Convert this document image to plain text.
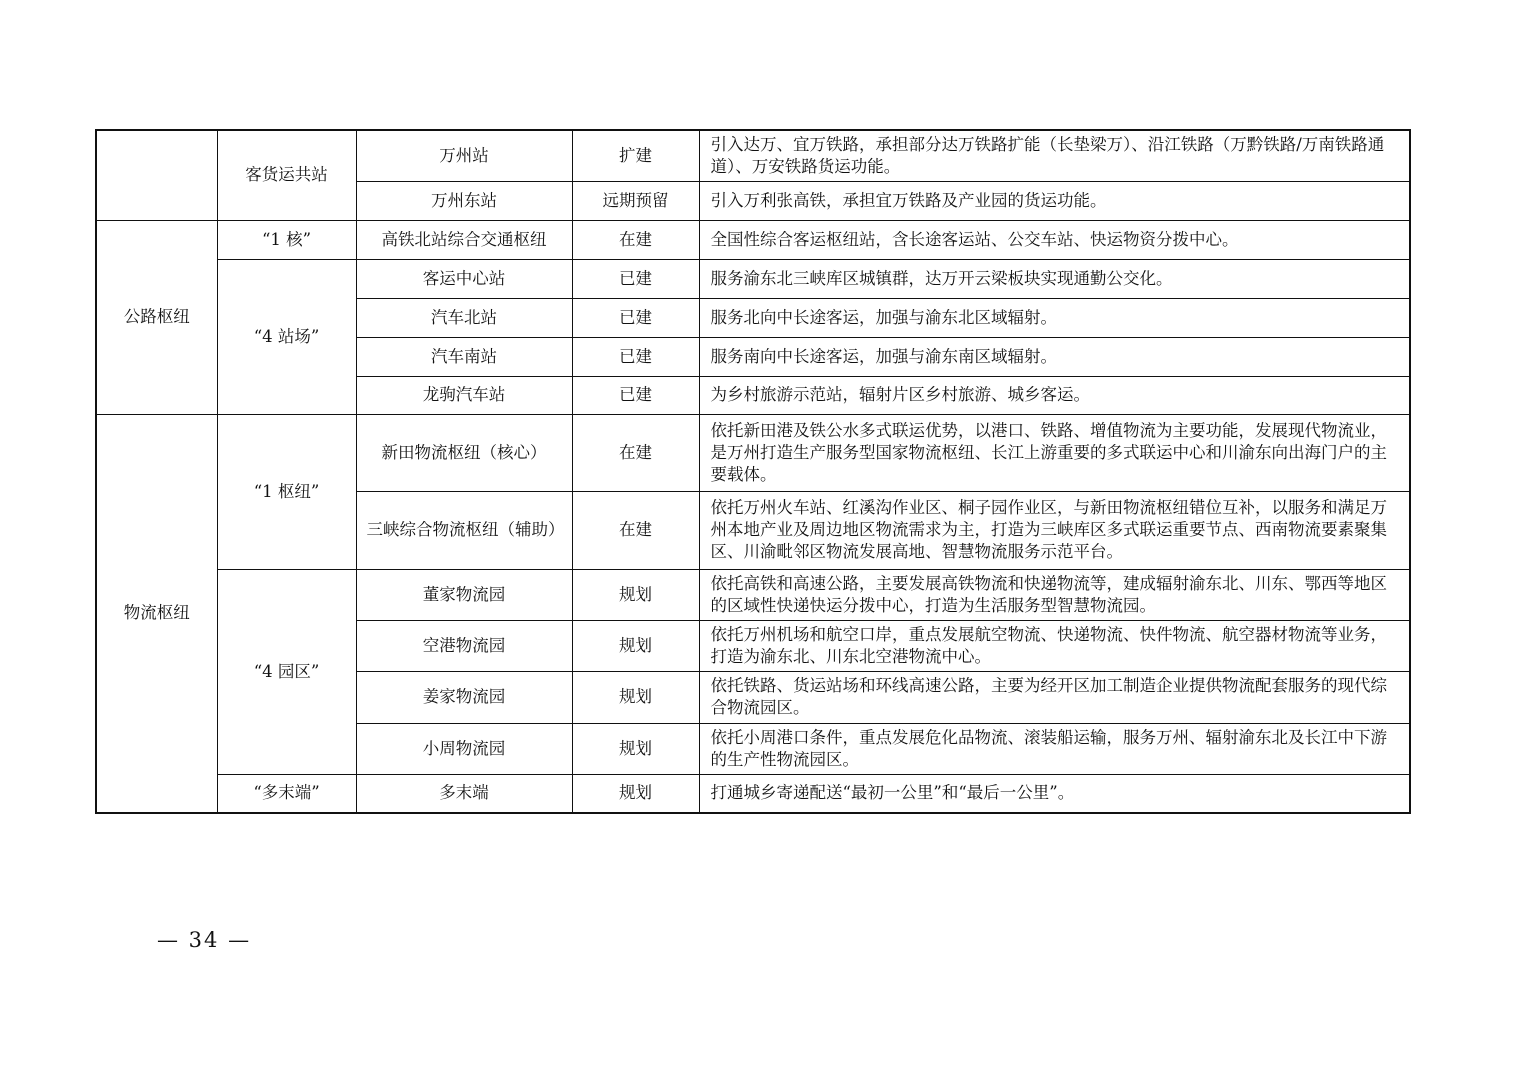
	客货运共站	万州站	扩建	引入达万、宜万铁路，承担部分达万铁路扩能（长垫梁万）、沿江铁路（万黔铁路/万南铁路通道）、万安铁路货运功能。
		万州东站	远期预留	引入万利张高铁，承担宜万铁路及产业园的货运功能。
公路枢纽	“1 核”	高铁北站综合交通枢纽	在建	全国性综合客运枢纽站，含长途客运站、公交车站、快运物资分拨中心。
	“4 站场”	客运中心站	已建	服务渝东北三峡库区城镇群，达万开云梁板块实现通勤公交化。
		汽车北站	已建	服务北向中长途客运，加强与渝东北区域辐射。
		汽车南站	已建	服务南向中长途客运，加强与渝东南区域辐射。
		龙驹汽车站	已建	为乡村旅游示范站，辐射片区乡村旅游、城乡客运。
物流枢纽	“1 枢纽”	新田物流枢纽（核心）	在建	依托新田港及铁公水多式联运优势，以港口、铁路、增值物流为主要功能，发展现代物流业，是万州打造生产服务型国家物流枢纽、长江上游重要的多式联运中心和川渝东向出海门户的主要载体。
		三峡综合物流枢纽（辅助）	在建	依托万州火车站、红溪沟作业区、桐子园作业区，与新田物流枢纽错位互补，以服务和满足万州本地产业及周边地区物流需求为主，打造为三峡库区多式联运重要节点、西南物流要素聚集区、川渝毗邻区物流发展高地、智慧物流服务示范平台。
	“4 园区”	董家物流园	规划	依托高铁和高速公路，主要发展高铁物流和快递物流等，建成辐射渝东北、川东、鄂西等地区的区域性快递快运分拨中心，打造为生活服务型智慧物流园。
		空港物流园	规划	依托万州机场和航空口岸，重点发展航空物流、快递物流、快件物流、航空器材物流等业务，打造为渝东北、川东北空港物流中心。
		姜家物流园	规划	依托铁路、货运站场和环线高速公路，主要为经开区加工制造企业提供物流配套服务的现代综合物流园区。
		小周物流园	规划	依托小周港口条件，重点发展危化品物流、滚装船运输，服务万州、辐射渝东北及长江中下游的生产性物流园区。
	“多末端”	多末端	规划	打通城乡寄递配送“最初一公里”和“最后一公里”。
— 34 —
